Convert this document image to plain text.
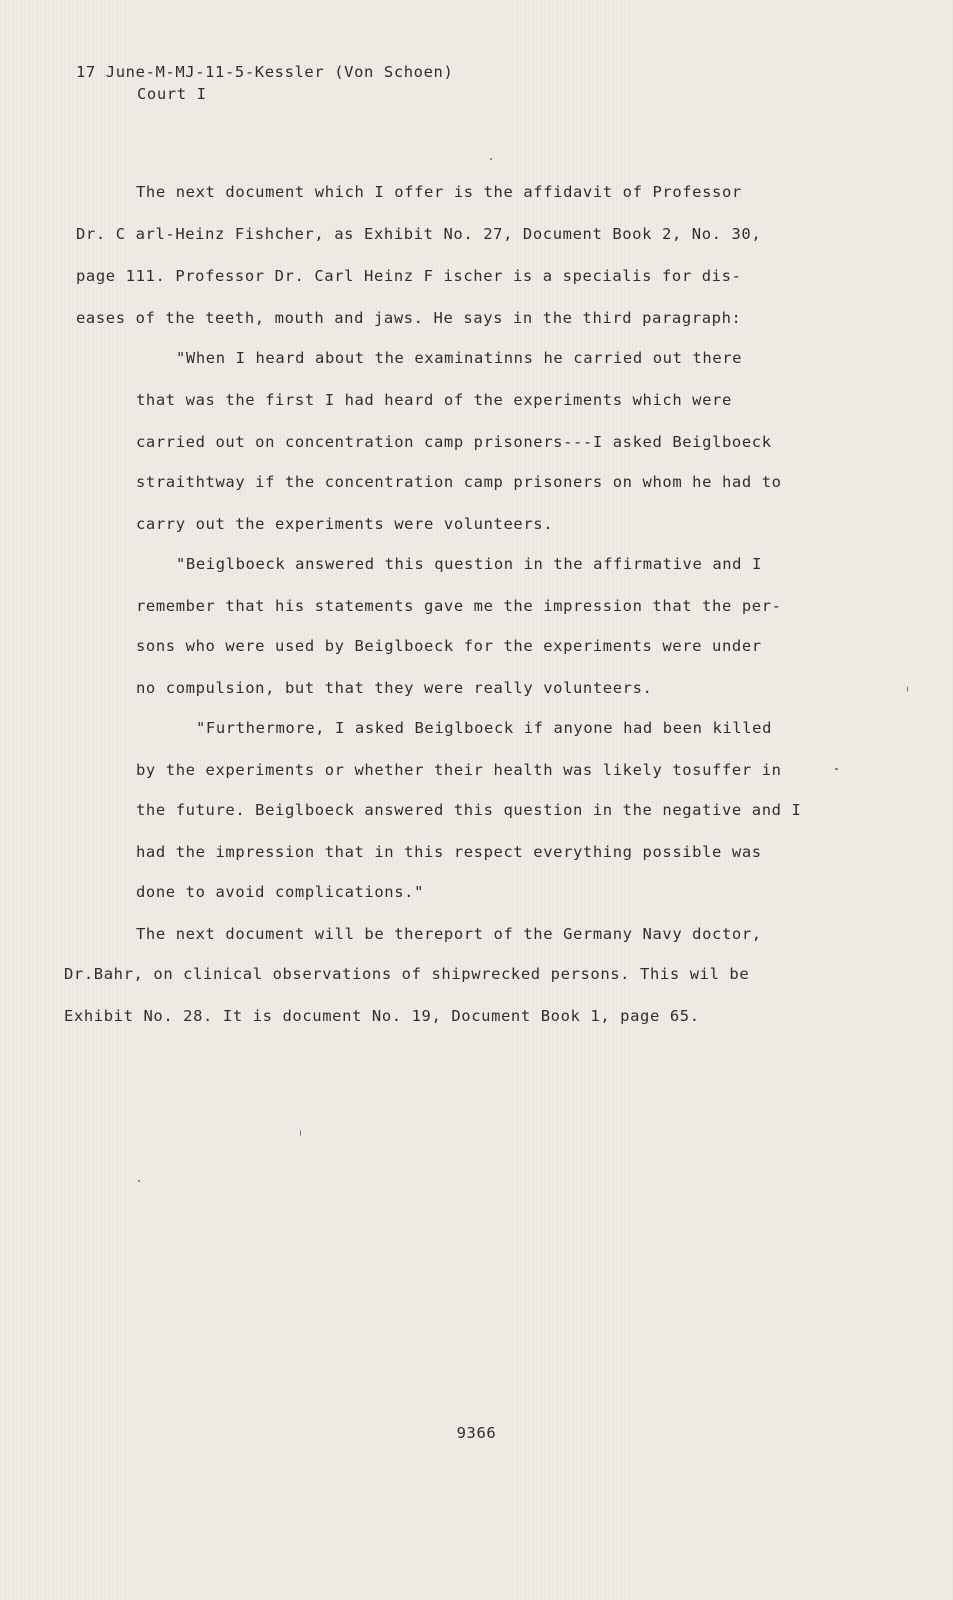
17 June-M-MJ-11-5-Kessler (Von Schoen)
Court I
The next document which I offer is the affidavit of Professor
Dr. C arl-Heinz Fishcher, as Exhibit No. 27, Document Book 2, No. 30,
page 111. Professor Dr. Carl Heinz F ischer is a specialis for dis-
eases of the teeth, mouth and jaws. He says in the third paragraph:
"When I heard about the examinatinns he carried out there
that was the first I had heard of the experiments which were
carried out on concentration camp prisoners---I asked Beiglboeck
straithtway if the concentration camp prisoners on whom he had to
carry out the experiments were volunteers.
"Beiglboeck answered this question in the affirmative and I
remember that his statements gave me the impression that the per-
sons who were used by Beiglboeck for the experiments were under
no compulsion, but that they were really volunteers.
"Furthermore, I asked Beiglboeck if anyone had been killed
by the experiments or whether their health was likely tosuffer in
the future. Beiglboeck answered this question in the negative and I
had the impression that in this respect everything possible was
done to avoid complications."
The next document will be thereport of the Germany Navy doctor,
Dr.Bahr, on clinical observations of shipwrecked persons. This wil be
Exhibit No. 28. It is document No. 19, Document Book 1, page 65.
9366
